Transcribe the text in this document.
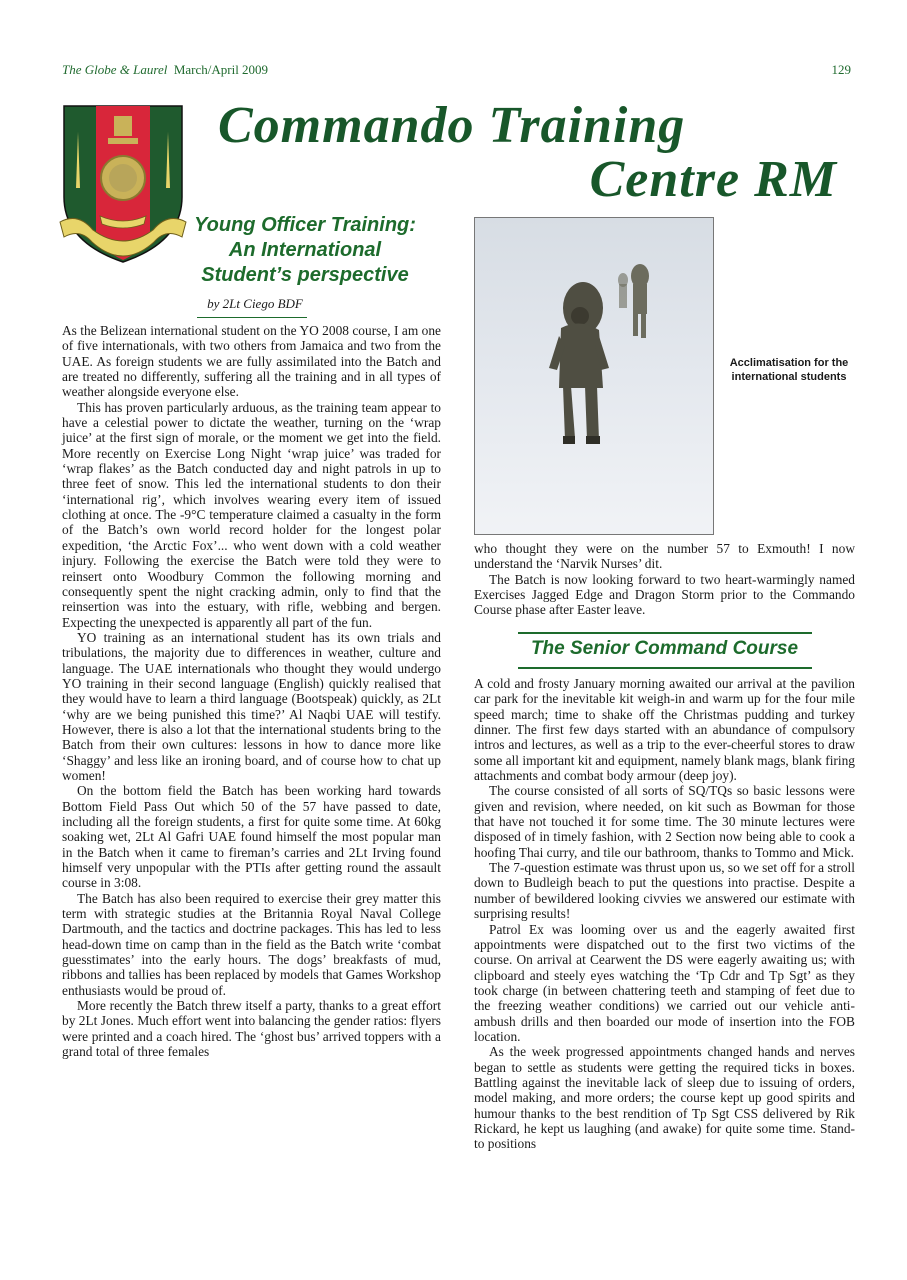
The Globe & Laurel March/April 2009	129
Commando Training
Centre RM
Young Officer Training:
An International
Student’s perspective
by 2Lt Ciego BDF

As the Belizean international student on the YO 2008 course, I am one of five internationals, with two others from Jamaica and two from the UAE. As foreign students we are fully assimilated into the Batch and are treated no differently, suffering all the training and in all types of weather alongside everyone else.

This has proven particularly arduous, as the training team appear to have a celestial power to dictate the weather, turning on the ‘wrap juice’ at the first sign of morale, or the moment we get into the field. More recently on Exercise Long Night ‘wrap juice’ was traded for ‘wrap flakes’ as the Batch conducted day and night patrols in up to three feet of snow. This led the international students to don their ‘international rig’, which involves wearing every item of issued clothing at once. The -9°C temperature claimed a casualty in the form of the Batch’s own world record holder for the longest polar expedition, ‘the Arctic Fox’... who went down with a cold weather injury. Following the exercise the Batch were told they were to reinsert onto Woodbury Common the following morning and consequently spent the night cracking admin, only to find that the reinsertion was into the estuary, with rifle, webbing and bergen. Expecting the unexpected is apparently all part of the fun.

YO training as an international student has its own trials and tribulations, the majority due to differences in weather, culture and language. The UAE internationals who thought they would undergo YO training in their second language (English) quickly realised that they would have to learn a third language (Bootspeak) quickly, as 2Lt ‘why are we being punished this time?’ Al Naqbi UAE will testify. However, there is also a lot that the international students bring to the Batch from their own cultures: lessons in how to dance more like ‘Shaggy’ and less like an ironing board, and of course how to chat up women!

On the bottom field the Batch has been working hard towards Bottom Field Pass Out which 50 of the 57 have passed to date, including all the foreign students, a first for quite some time. At 60kg soaking wet, 2Lt Al Gafri UAE found himself the most popular man in the Batch when it came to fireman’s carries and 2Lt Irving found himself very unpopular with the PTIs after getting round the assault course in 3:08.

The Batch has also been required to exercise their grey matter this term with strategic studies at the Britannia Royal Naval College Dartmouth, and the tactics and doctrine packages. This has led to less head-down time on camp than in the field as the Batch write ‘combat guesstimates’ into the early hours. The dogs’ breakfasts of mud, ribbons and tallies has been replaced by models that Games Workshop enthusiasts would be proud of.

More recently the Batch threw itself a party, thanks to a great effort by 2Lt Jones. Much effort went into balancing the gender ratios: flyers were printed and a coach hired. The ‘ghost bus’ arrived toppers with a grand total of three females

Acclimatisation for the international students

who thought they were on the number 57 to Exmouth! I now understand the ‘Narvik Nurses’ dit.

The Batch is now looking forward to two heart-warmingly named Exercises Jagged Edge and Dragon Storm prior to the Commando Course phase after Easter leave.

The Senior Command Course

A cold and frosty January morning awaited our arrival at the pavilion car park for the inevitable kit weigh-in and warm up for the four mile speed march; time to shake off the Christmas pudding and turkey dinner. The first few days started with an abundance of compulsory intros and lectures, as well as a trip to the ever-cheerful stores to draw some all important kit and equipment, namely blank mags, blank firing attachments and combat body armour (deep joy).

The course consisted of all sorts of SQ/TQs so basic lessons were given and revision, where needed, on kit such as Bowman for those that have not touched it for some time. The 30 minute lectures were disposed of in timely fashion, with 2 Section now being able to cook a hoofing Thai curry, and tile our bathroom, thanks to Tommo and Mick.

The 7-question estimate was thrust upon us, so we set off for a stroll down to Budleigh beach to put the questions into practise. Despite a number of bewildered looking civvies we answered our estimate with surprising results!

Patrol Ex was looming over us and the eagerly awaited first appointments were dispatched out to the first two victims of the course. On arrival at Cearwent the DS were eagerly awaiting us; with clipboard and steely eyes watching the ‘Tp Cdr and Tp Sgt’ as they took charge (in between chattering teeth and stamping of feet due to the freezing weather conditions) we carried out our vehicle anti-ambush drills and then boarded our mode of insertion into the FOB location.

As the week progressed appointments changed hands and nerves began to settle as students were getting the required ticks in boxes. Battling against the inevitable lack of sleep due to issuing of orders, model making, and more orders; the course kept up good spirits and humour thanks to the best rendition of Tp Sgt CSS delivered by Rik Rickard, he kept us laughing (and awake) for quite some time. Stand-to positions
